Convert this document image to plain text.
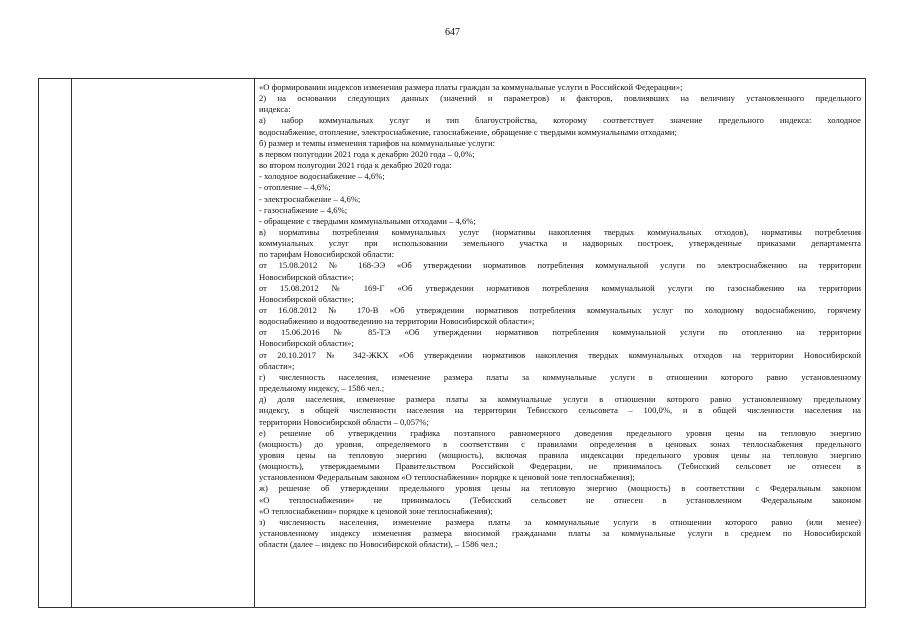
647
«О формировании индексов изменения размера платы граждан за коммунальные услуги в Российской Федерации»;
2) на основании следующих данных (значений и параметров) и факторов, повлиявших на величину установленного предельного
индекса:
а) набор коммунальных услуг и тип благоустройства, которому соответствует значение предельного индекса: холодное
водоснабжение, отопление, электроснабжение, газоснабжение, обращение с твердыми коммунальными отходами;
б) размер и темпы изменения тарифов на коммунальные услуги:
в первом полугодии 2021 года к декабрю 2020 года – 0,0%;
во втором полугодии 2021 года к декабрю 2020 года:
- холодное водоснабжение – 4,6%;
- отопление – 4,6%;
- электроснабжение – 4,6%;
- газоснабжение – 4,6%;
- обращение с твердыми коммунальными отходами – 4,6%;
в) нормативы потребления коммунальных услуг (нормативы накопления твердых коммунальных отходов), нормативы потребления
коммунальных услуг при использовании земельного участка и надворных построек, утвержденные приказами департамента
по тарифам Новосибирской области:
от 15.08.2012 № 168-ЭЭ «Об утверждении нормативов потребления коммунальной услуги по электроснабжению на территории
Новосибирской области»;
от 15.08.2012 № 169-Г «Об утверждении нормативов потребления коммунальной услуги по газоснабжению на территории
Новосибирской области»;
от 16.08.2012 № 170-В «Об утверждении нормативов потребления коммунальных услуг по холодному водоснабжению, горячему
водоснабжению и водоотведению на территории Новосибирской области»;
от 15.06.2016 № 85-ТЭ «Об утверждении нормативов потребления коммунальной услуги по отоплению на территории
Новосибирской области»;
от 20.10.2017 № 342-ЖКХ «Об утверждении нормативов накопления твердых коммунальных отходов на территории Новосибирской
области»;
г) численность населения, изменение размера платы за коммунальные услуги в отношении которого равно установленному
предельному индексу, – 1586 чел.;
д) доля населения, изменение размера платы за коммунальные услуги в отношении которого равно установленному предельному
индексу, в общей численности населения на территории Тебисского сельсовета – 100,0%, и в общей численности населения на
территории Новосибирской области – 0,057%;
е) решение об утверждении графика поэтапного равномерного доведения предельного уровня цены на тепловую энергию
(мощность) до уровня, определяемого в соответствии с правилами определения в ценовых зонах теплоснабжения предельного
уровня цены на тепловую энергию (мощность), включая правила индексации предельного уровня цены на тепловую энергию
(мощность), утверждаемыми Правительством Российской Федерации, не принималось (Тебисский сельсовет не отнесен в
установленном Федеральным законом «О теплоснабжении» порядке к ценовой зоне теплоснабжения);
ж) решение об утверждении предельного уровня цены на тепловую энергию (мощность) в соответствии с Федеральным законом
«О теплоснабжении» не принималось (Тебисский сельсовет не отнесен в установленном Федеральным законом
«О теплоснабжении» порядке к ценовой зоне теплоснабжения);
з) численность населения, изменение размера платы за коммунальные услуги в отношении которого равно (или менее)
установленному индексу изменения размера вносимой гражданами платы за коммунальные услуги в среднем по Новосибирской
области (далее – индекс по Новосибирской области), – 1586 чел.;
